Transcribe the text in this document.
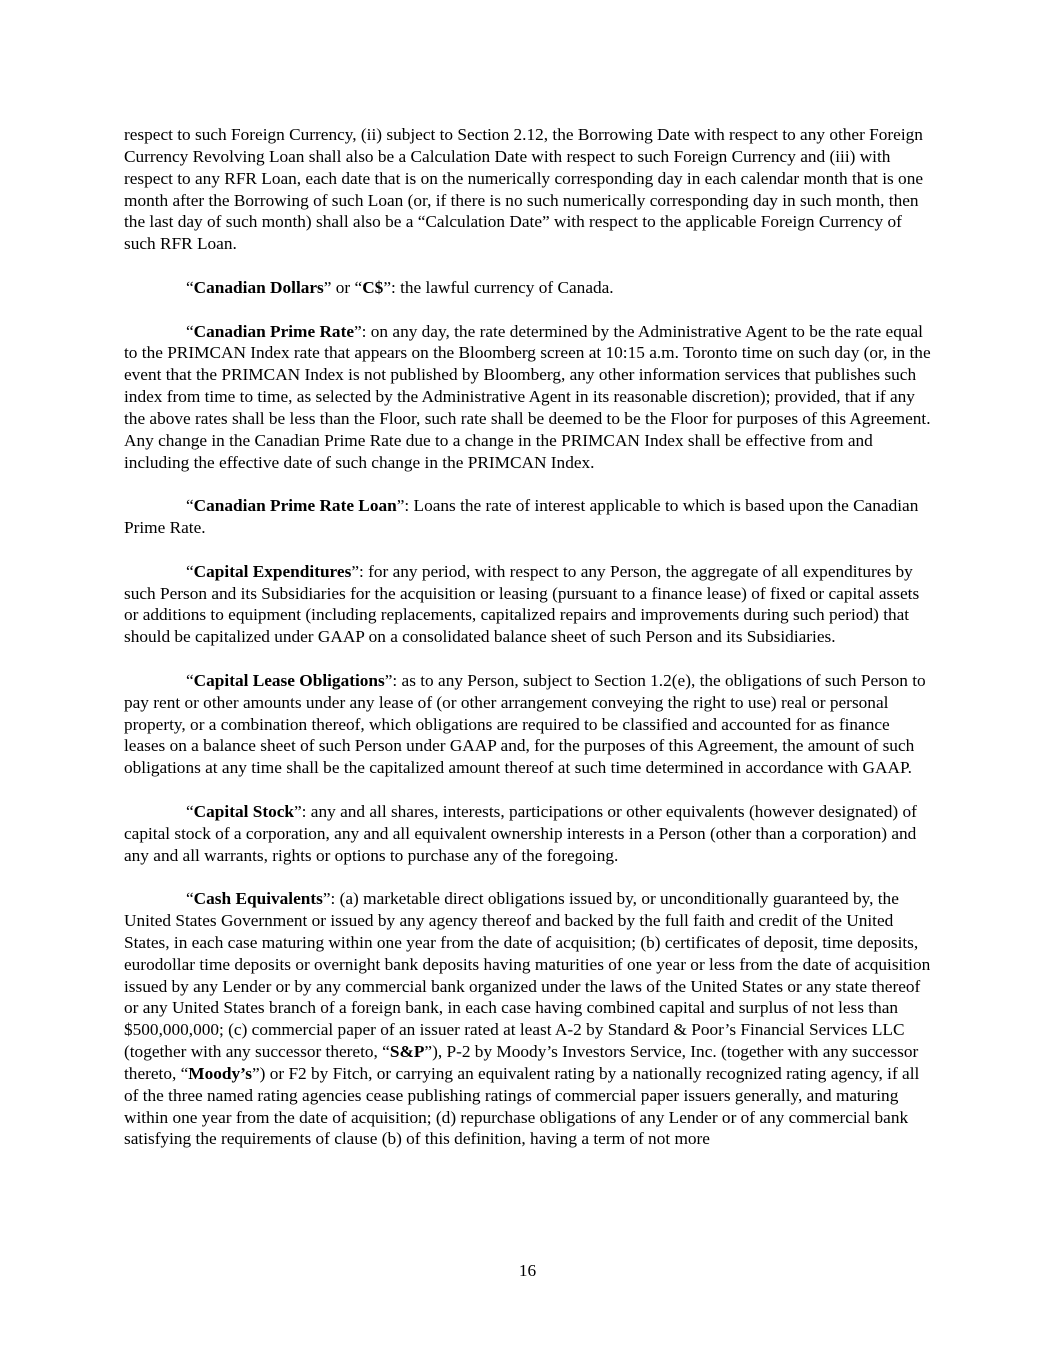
respect to such Foreign Currency, (ii) subject to Section 2.12, the Borrowing Date with respect to any other Foreign Currency Revolving Loan shall also be a Calculation Date with respect to such Foreign Currency and (iii) with respect to any RFR Loan, each date that is on the numerically corresponding day in each calendar month that is one month after the Borrowing of such Loan (or, if there is no such numerically corresponding day in such month, then the last day of such month) shall also be a “Calculation Date” with respect to the applicable Foreign Currency of such RFR Loan.

“Canadian Dollars” or “C$”: the lawful currency of Canada.

“Canadian Prime Rate”: on any day, the rate determined by the Administrative Agent to be the rate equal to the PRIMCAN Index rate that appears on the Bloomberg screen at 10:15 a.m. Toronto time on such day (or, in the event that the PRIMCAN Index is not published by Bloomberg, any other information services that publishes such index from time to time, as selected by the Administrative Agent in its reasonable discretion); provided, that if any the above rates shall be less than the Floor, such rate shall be deemed to be the Floor for purposes of this Agreement. Any change in the Canadian Prime Rate due to a change in the PRIMCAN Index shall be effective from and including the effective date of such change in the PRIMCAN Index.

“Canadian Prime Rate Loan”: Loans the rate of interest applicable to which is based upon the Canadian Prime Rate.

“Capital Expenditures”: for any period, with respect to any Person, the aggregate of all expenditures by such Person and its Subsidiaries for the acquisition or leasing (pursuant to a finance lease) of fixed or capital assets or additions to equipment (including replacements, capitalized repairs and improvements during such period) that should be capitalized under GAAP on a consolidated balance sheet of such Person and its Subsidiaries.

“Capital Lease Obligations”: as to any Person, subject to Section 1.2(e), the obligations of such Person to pay rent or other amounts under any lease of (or other arrangement conveying the right to use) real or personal property, or a combination thereof, which obligations are required to be classified and accounted for as finance leases on a balance sheet of such Person under GAAP and, for the purposes of this Agreement, the amount of such obligations at any time shall be the capitalized amount thereof at such time determined in accordance with GAAP.

“Capital Stock”: any and all shares, interests, participations or other equivalents (however designated) of capital stock of a corporation, any and all equivalent ownership interests in a Person (other than a corporation) and any and all warrants, rights or options to purchase any of the foregoing.

“Cash Equivalents”: (a) marketable direct obligations issued by, or unconditionally guaranteed by, the United States Government or issued by any agency thereof and backed by the full faith and credit of the United States, in each case maturing within one year from the date of acquisition; (b) certificates of deposit, time deposits, eurodollar time deposits or overnight bank deposits having maturities of one year or less from the date of acquisition issued by any Lender or by any commercial bank organized under the laws of the United States or any state thereof or any United States branch of a foreign bank, in each case having combined capital and surplus of not less than $500,000,000; (c) commercial paper of an issuer rated at least A-2 by Standard & Poor’s Financial Services LLC (together with any successor thereto, “S&P”), P-2 by Moody’s Investors Service, Inc. (together with any successor thereto, “Moody’s”) or F2 by Fitch, or carrying an equivalent rating by a nationally recognized rating agency, if all of the three named rating agencies cease publishing ratings of commercial paper issuers generally, and maturing within one year from the date of acquisition; (d) repurchase obligations of any Lender or of any commercial bank satisfying the requirements of clause (b) of this definition, having a term of not more

16
